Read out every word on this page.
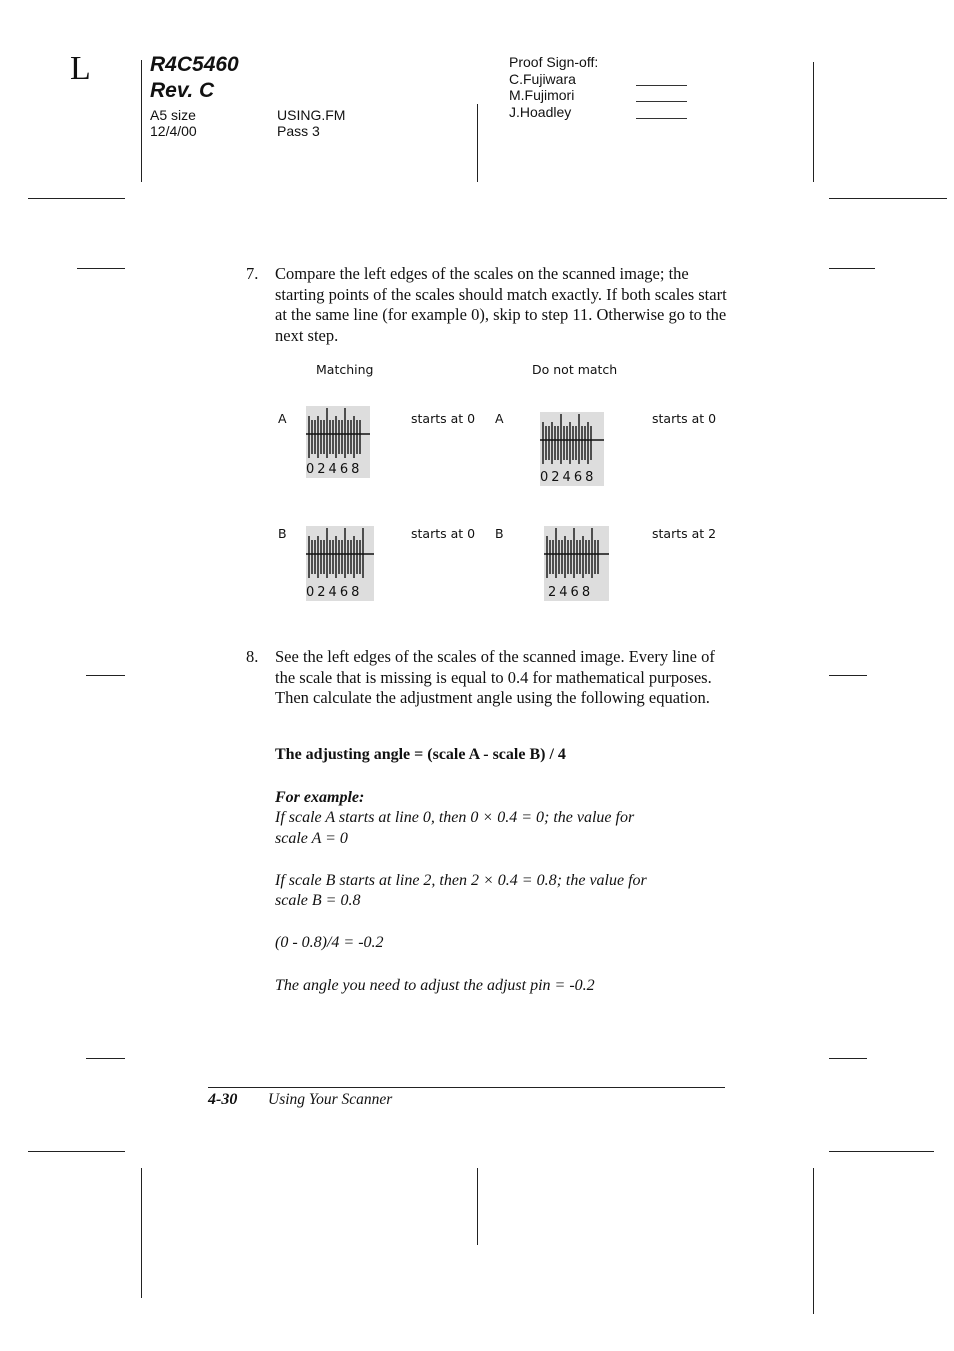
L	R4C5460
Rev. C
A5 size
12/4/00
USING.FM
Pass 3
Proof Sign-off:
C.Fujiwara
M.Fujimori
J.Hoadley
7. Compare the left edges of the scales on the scanned image; the starting points of the scales should match exactly. If both scales start at the same line (for example 0), skip to step 11. Otherwise go to the next step.
Matching	Do not match
A
02468
starts at 0 A
02468
starts at 0
B
02468
starts at 0 B
2468
starts at 2
8. See the left edges of the scales of the scanned image. Every line of the scale that is missing is equal to 0.4 for mathematical purposes. Then calculate the adjustment angle using the following equation.
The adjusting angle = (scale A - scale B) / 4
For example:
If scale A starts at line 0, then 0 × 0.4 = 0; the value for
scale A = 0
If scale B starts at line 2, then 2 × 0.4 = 0.8; the value for
scale B = 0.8
(0 - 0.8)/4 = -0.2
The angle you need to adjust the adjust pin = -0.2
4-30 Using Your Scanner
